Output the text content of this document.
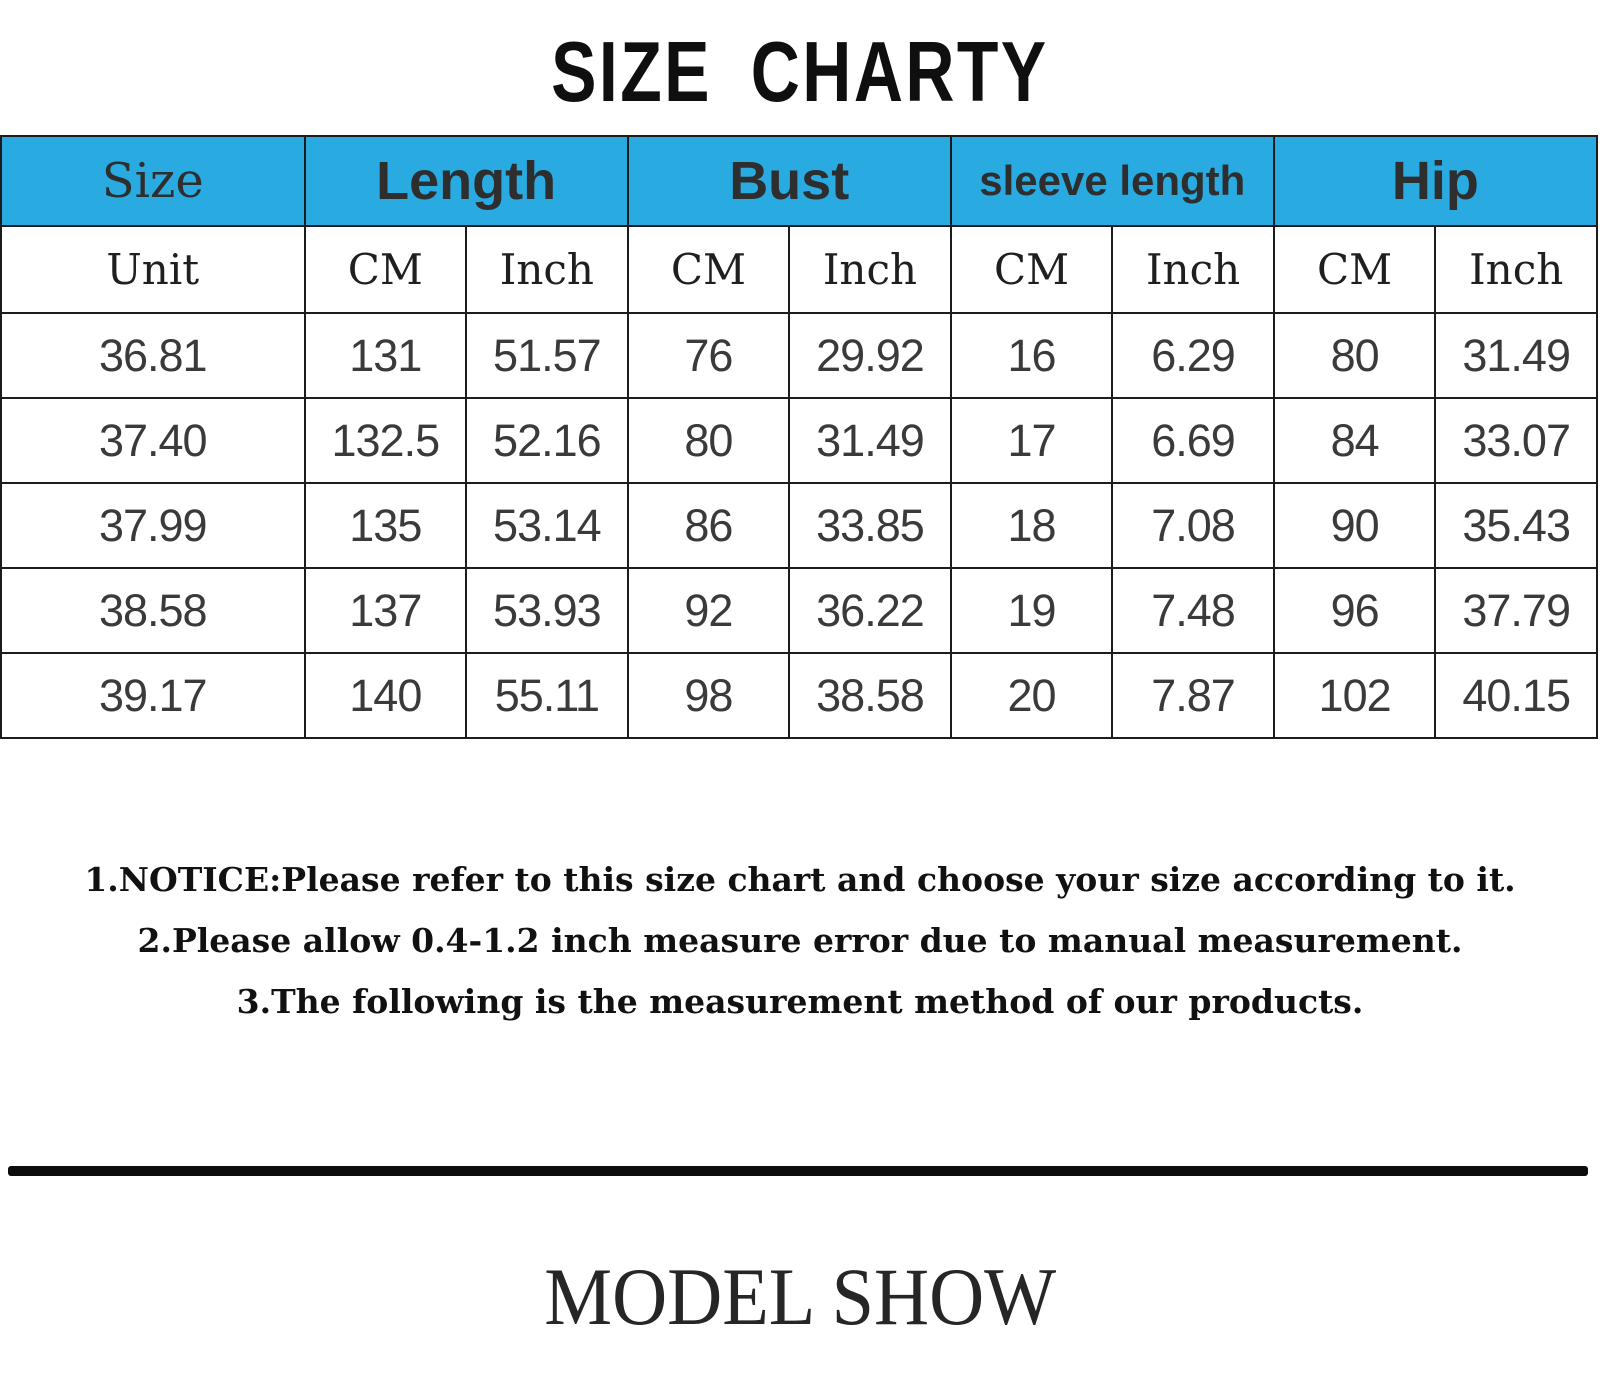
SIZE CHARTY
Size	Length		Bust		sleeve length		Hip	
Unit	CM	Inch	CM	Inch	CM	Inch	CM	Inch
36.81	131	51.57	76	29.92	16	6.29	80	31.49
37.40	132.5	52.16	80	31.49	17	6.69	84	33.07
37.99	135	53.14	86	33.85	18	7.08	90	35.43
38.58	137	53.93	92	36.22	19	7.48	96	37.79
39.17	140	55.11	98	38.58	20	7.87	102	40.15
1.NOTICE:Please refer to this size chart and choose your size according to it.
2.Please allow 0.4-1.2 inch measure error due to manual measurement.
3.The following is the measurement method of our products.
MODEL SHOW
